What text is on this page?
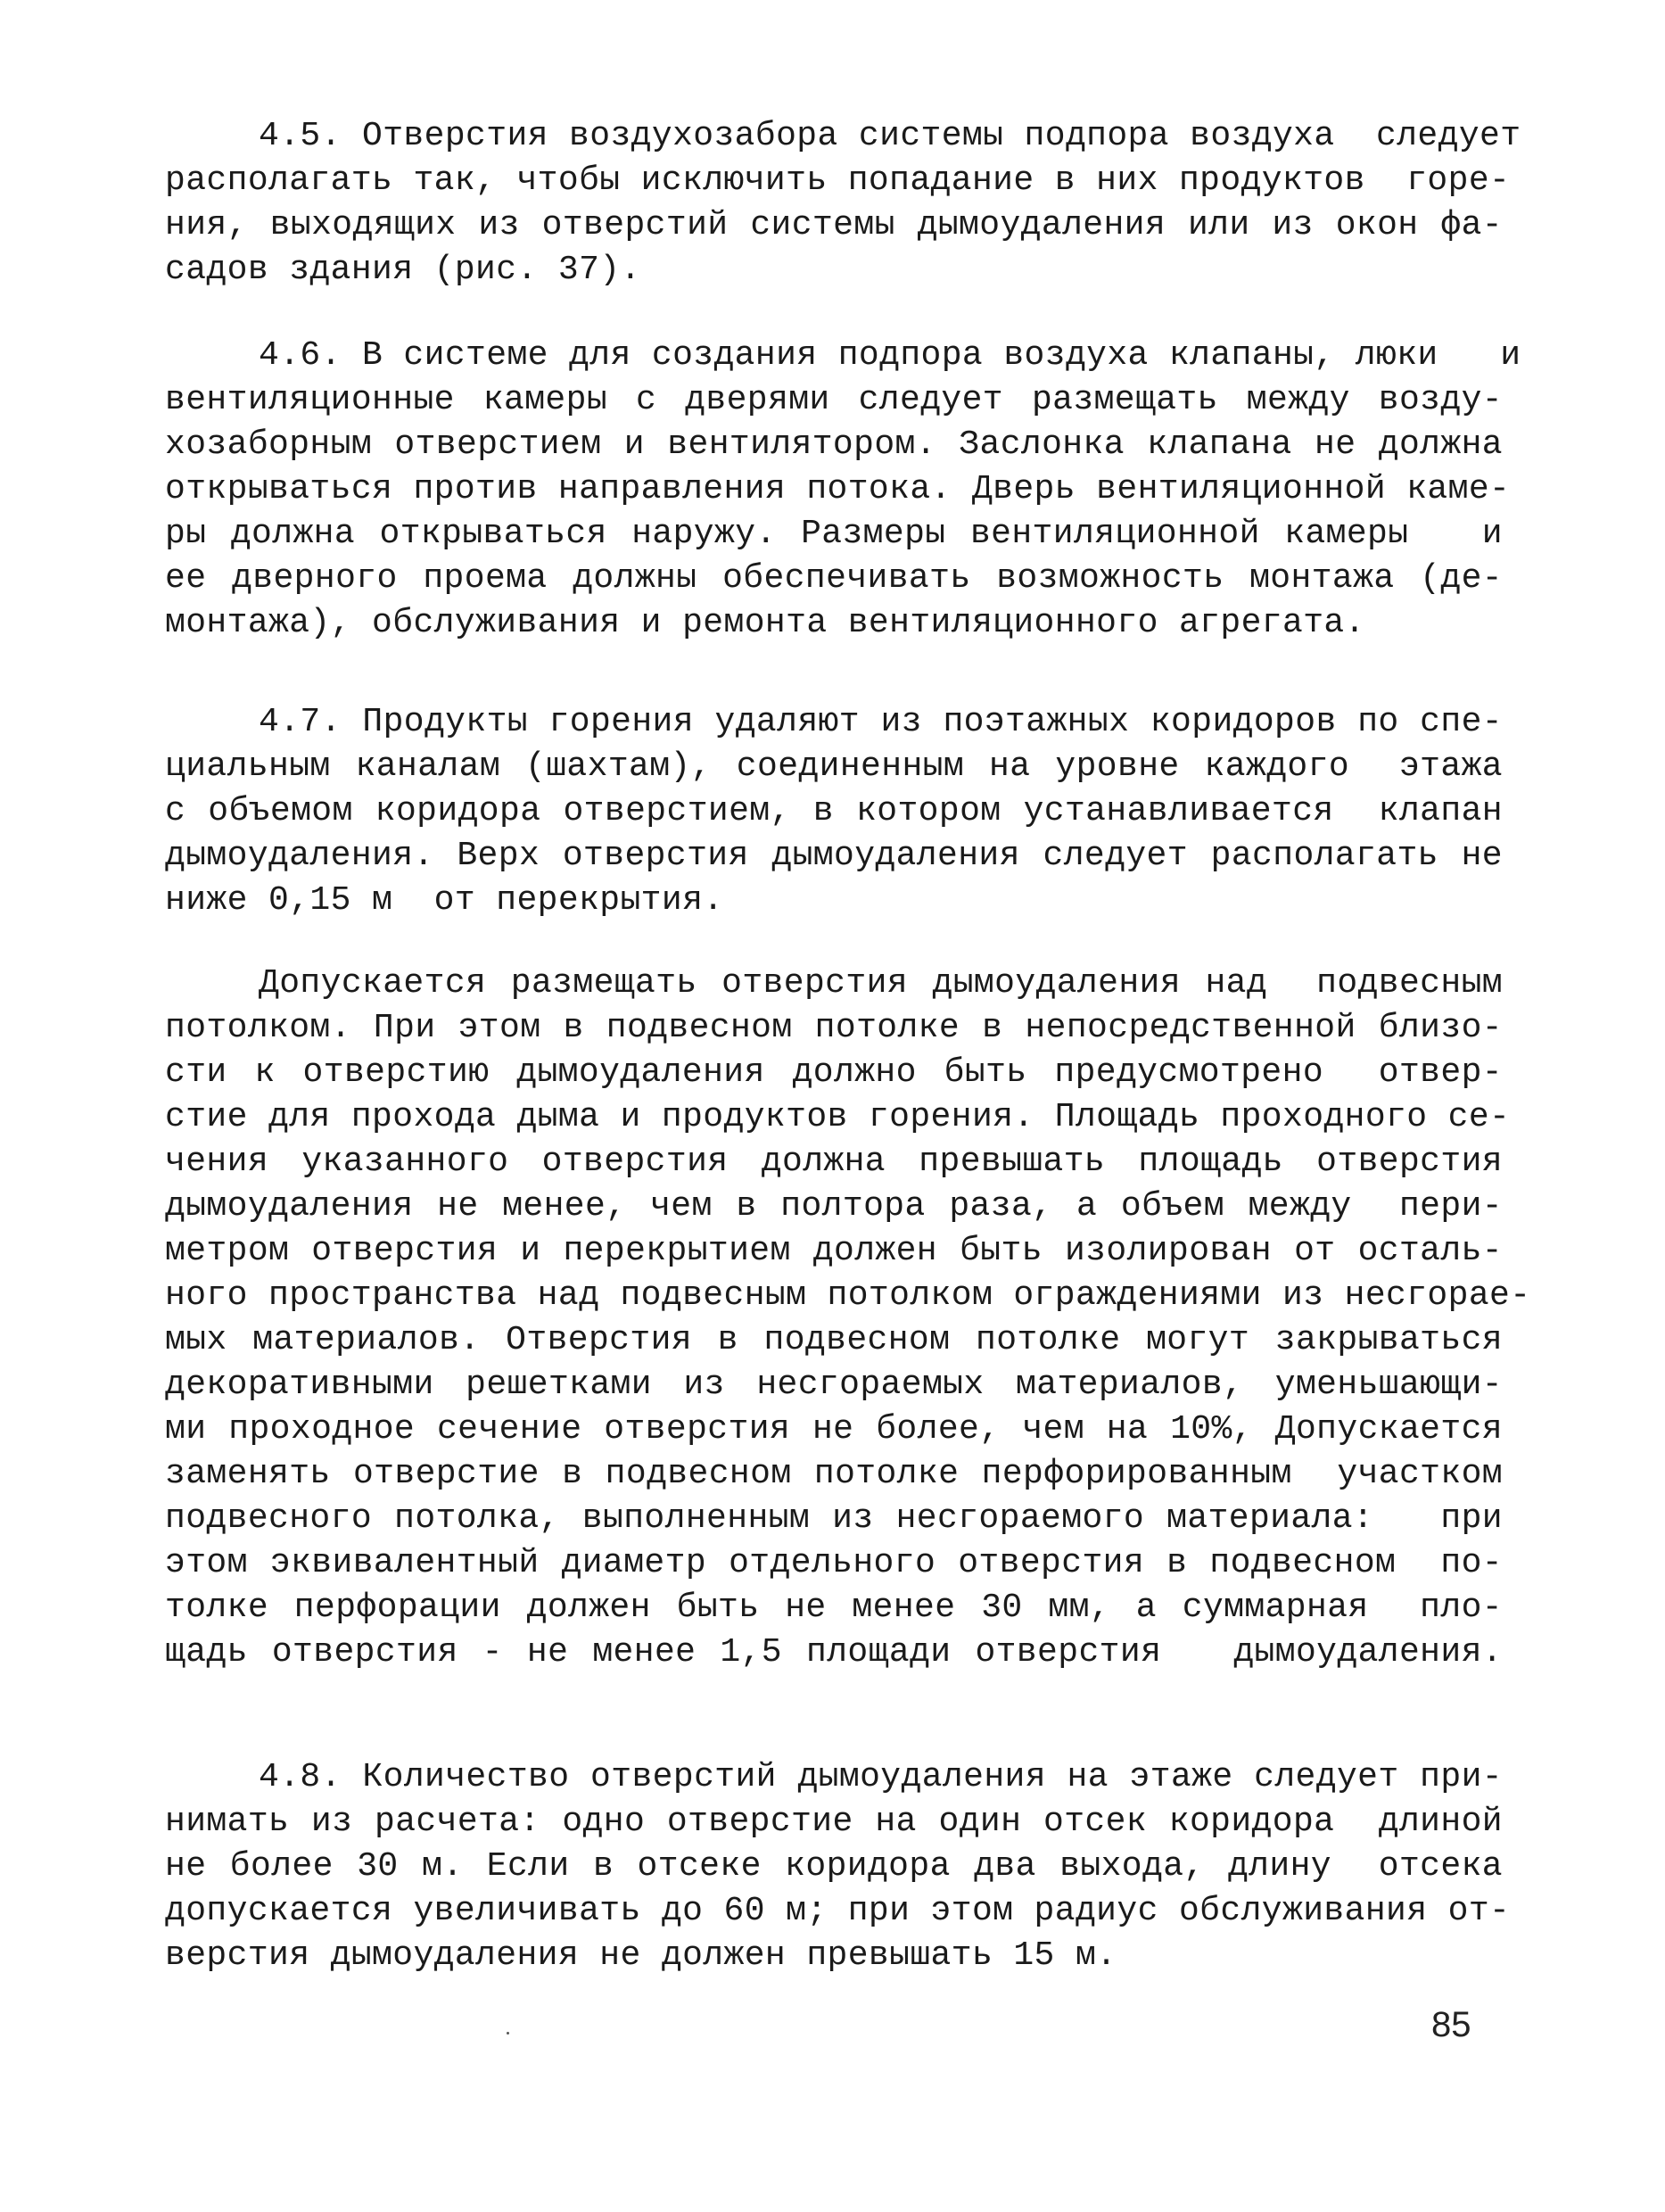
4.5. Отверстия воздухозабора системы подпора воздуха  следует
располагать так, чтобы исключить попадание в них продуктов  горе-
ния, выходящих из отверстий системы дымоудаления или из окон фа-
садов здания (рис. 37).
4.6. В системе для создания подпора воздуха клапаны, люки   и
вентиляционные камеры с дверями следует размещать между возду-
хозаборным отверстием и вентилятором. Заслонка клапана не должна
открываться против направления потока. Дверь вентиляционной каме-
ры должна открываться наружу. Размеры вентиляционной камеры   и
ее дверного проема должны обеспечивать возможность монтажа (де-
монтажа), обслуживания и ремонта вентиляционного агрегата.
4.7. Продукты горения удаляют из поэтажных коридоров по спе-
циальным каналам (шахтам), соединенным на уровне каждого  этажа
с объемом коридора отверстием, в котором устанавливается  клапан
дымоудаления. Верх отверстия дымоудаления следует располагать не
ниже 0,15 м  от перекрытия.
Допускается размещать отверстия дымоудаления над  подвесным
потолком. При этом в подвесном потолке в непосредственной близо-
сти к отверстию дымоудаления должно быть предусмотрено  отвер-
стие для прохода дыма и продуктов горения. Площадь проходного се-
чения указанного отверстия должна превышать площадь отверстия
дымоудаления не менее, чем в полтора раза, а объем между  пери-
метром отверстия и перекрытием должен быть изолирован от осталь-
ного пространства над подвесным потолком ограждениями из несгорае-
мых материалов. Отверстия в подвесном потолке могут закрываться
декоративными решетками из несгораемых материалов, уменьшающи-
ми проходное сечение отверстия не более, чем на 10%, Допускается
заменять отверстие в подвесном потолке перфорированным  участком
подвесного потолка, выполненным из несгораемого материала:   при
этом эквивалентный диаметр отдельного отверстия в подвесном  по-
толке перфорации должен быть не менее 30 мм, а суммарная  пло-
щадь отверстия - не менее 1,5 площади отверстия   дымоудаления.
4.8. Количество отверстий дымоудаления на этаже следует при-
нимать из расчета: одно отверстие на один отсек коридора  длиной
не более 30 м. Если в отсеке коридора два выхода, длину  отсека
допускается увеличивать до 60 м; при этом радиус обслуживания от-
верстия дымоудаления не должен превышать 15 м.
85
